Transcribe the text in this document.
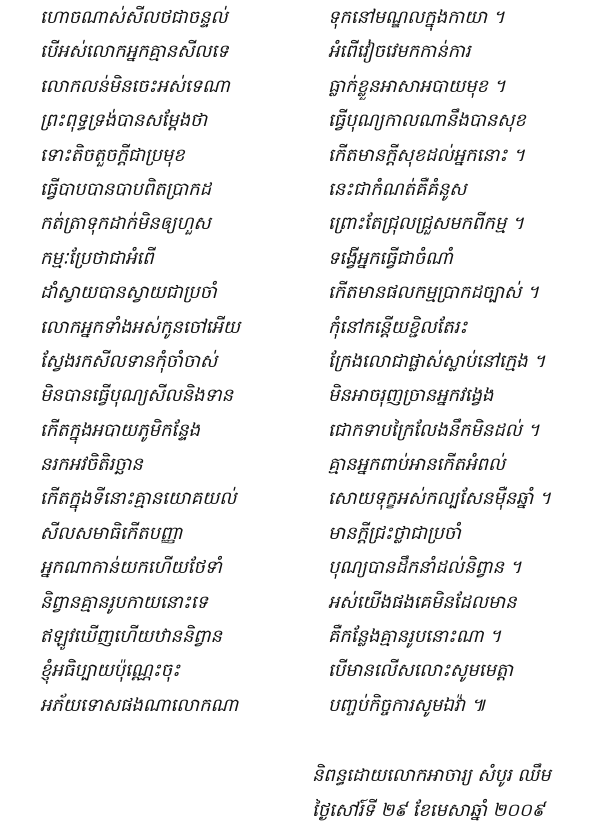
ហោចណាស់សីលថជាចន្ទល់	ទុកនៅមណ្ឌលក្នុងកាយា ។
បើអស់លោកអ្នកគ្មានសីលទេ	អំពើវៀចវេមកកាន់ការ
លោកលន់មិនចេះអស់ទេណា	ធ្លាក់ខ្លួនអាសាអបាយមុខ ។
ព្រះពុទ្ធទ្រង់បានសម្ដែងថា	ធ្វើបុណ្យកាលណានឹងបានសុខ
ទោះតិចតួចក្ដីជាប្រមុខ	កើតមានក្ដីសុខដល់អ្នកនោះ ។
ធ្វើបាបបានបាបពិតប្រាកដ	នេះជាកំណត់គឺគំនូស
កត់ត្រាទុកដាក់មិនឲ្យហួស	ព្រោះតែជ្រុលជ្រួសមកពីកម្ម ។
កម្មៈប្រែថាជាអំពើ	ទង្វើអ្នកធ្វើជាចំណាំ
ដាំស្វាយបានស្វាយជាប្រចាំ	កើតមានផលកម្មប្រាកដច្បាស់ ។
លោកអ្នកទាំងអស់កូនចៅអើយ	កុំនៅកន្តើយខ្ជិលតែរះ
ស្វែងរកសីលទានកុំចាំចាស់	ក្រែងលោជាផ្លាស់ស្លាប់នៅក្មេង ។
មិនបានធ្វើបុណ្យសីលនិងទាន	មិនអាចរុញច្រានអ្នកវង្វេង
កើតក្នុងអបាយភូមិកន្ទែង	ជោកទាបក្រៃលែងនឹកមិនដល់ ។
នរកអវចិតិរច្ឆាន	គ្មានអ្នកពាប់អានកើតអំពល់
កើតក្នុងទីនោះគ្មានយោគយល់	សោយទុក្ខអស់កល្បសែនម៉ឺនឆ្នាំ ។
សីលសមាធិកើតបញ្ញា	មានក្ដីជ្រះថ្លាជាប្រចាំ
អ្នកណាកាន់យកហើយថែទាំ	បុណ្យបានដឹកនាំដល់និព្វាន ។
និព្វានគ្មានរូបកាយនោះទេ	អស់យើងផងគេមិនដែលមាន
ឥឡូវឃើញហើយឋាននិព្វាន	គឺកន្លែងគ្មានរូបនោះណា ។
ខ្ញុំអធិប្បាយប៉ុណ្ណេះចុះ	បើមានលើសលោះសូមមេត្តា
អភ័យទោសផងណាលោកណា	បញ្ចប់កិច្ចការសូមឯវ៉ា ៕
និពន្ធដោយលោកអាចារ្យ សំបូរ ឈឹម
ថ្ងៃសៅរ៍ទី ២៩ ខែមេសាឆ្នាំ ២០០៩
